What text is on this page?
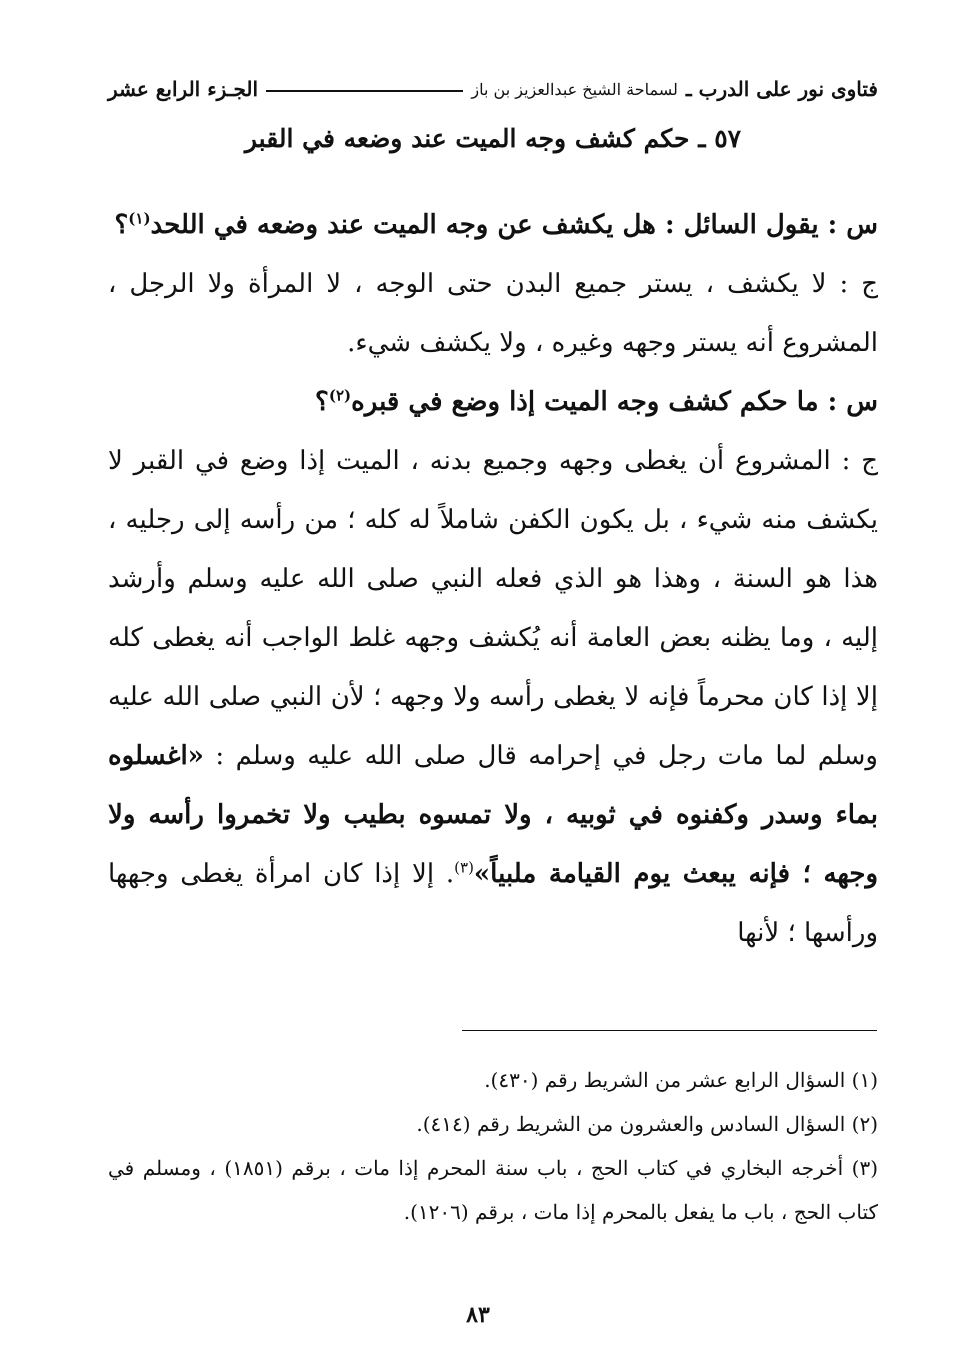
فتاوى نور على الدرب ـ
لسماحة الشيخ عبدالعزيز بن باز
الجـزء الرابع عشر
٥٧ ـ حكم كشف وجه الميت عند وضعه في القبر

س : يقول السائل : هل يكشف عن وجه الميت عند وضعه في اللحد$^{(١)}$؟

ج : لا يكشف ، يستر جميع البدن حتى الوجه ، لا المرأة ولا الرجل ، المشروع أنه يستر وجهه وغيره ، ولا يكشف شيء.

س : ما حكم كشف وجه الميت إذا وضع في قبره$^{(٢)}$؟

ج : المشروع أن يغطى وجهه وجميع بدنه ، الميت إذا وضع في القبر لا يكشف منه شيء ، بل يكون الكفن شاملاً له كله ؛ من رأسه إلى رجليه ، هذا هو السنة ، وهذا هو الذي فعله النبي صلى الله عليه وسلم وأرشد إليه ، وما يظنه بعض العامة أنه يُكشف وجهه غلط الواجب أنه يغطى كله إلا إذا كان محرماً فإنه لا يغطى رأسه ولا وجهه ؛ لأن النبي صلى الله عليه وسلم لما مات رجل في إحرامه قال صلى الله عليه وسلم : «اغسلوه بماء وسدر وكفنوه في ثوبيه ، ولا تمسوه بطيب ولا تخمروا رأسه ولا وجهه ؛ فإنه يبعث يوم القيامة ملبياً»$^{(٣)}$. إلا إذا كان امرأة يغطى وجهها ورأسها ؛ لأنها

(١) السؤال الرابع عشر من الشريط رقم (٤٣٠).

(٢) السؤال السادس والعشرون من الشريط رقم (٤١٤).

(٣) أخرجه البخاري في كتاب الحج ، باب سنة المحرم إذا مات ، برقم (١٨٥١) ، ومسلم في كتاب الحج ، باب ما يفعل بالمحرم إذا مات ، برقم (١٢٠٦).

٨٣
